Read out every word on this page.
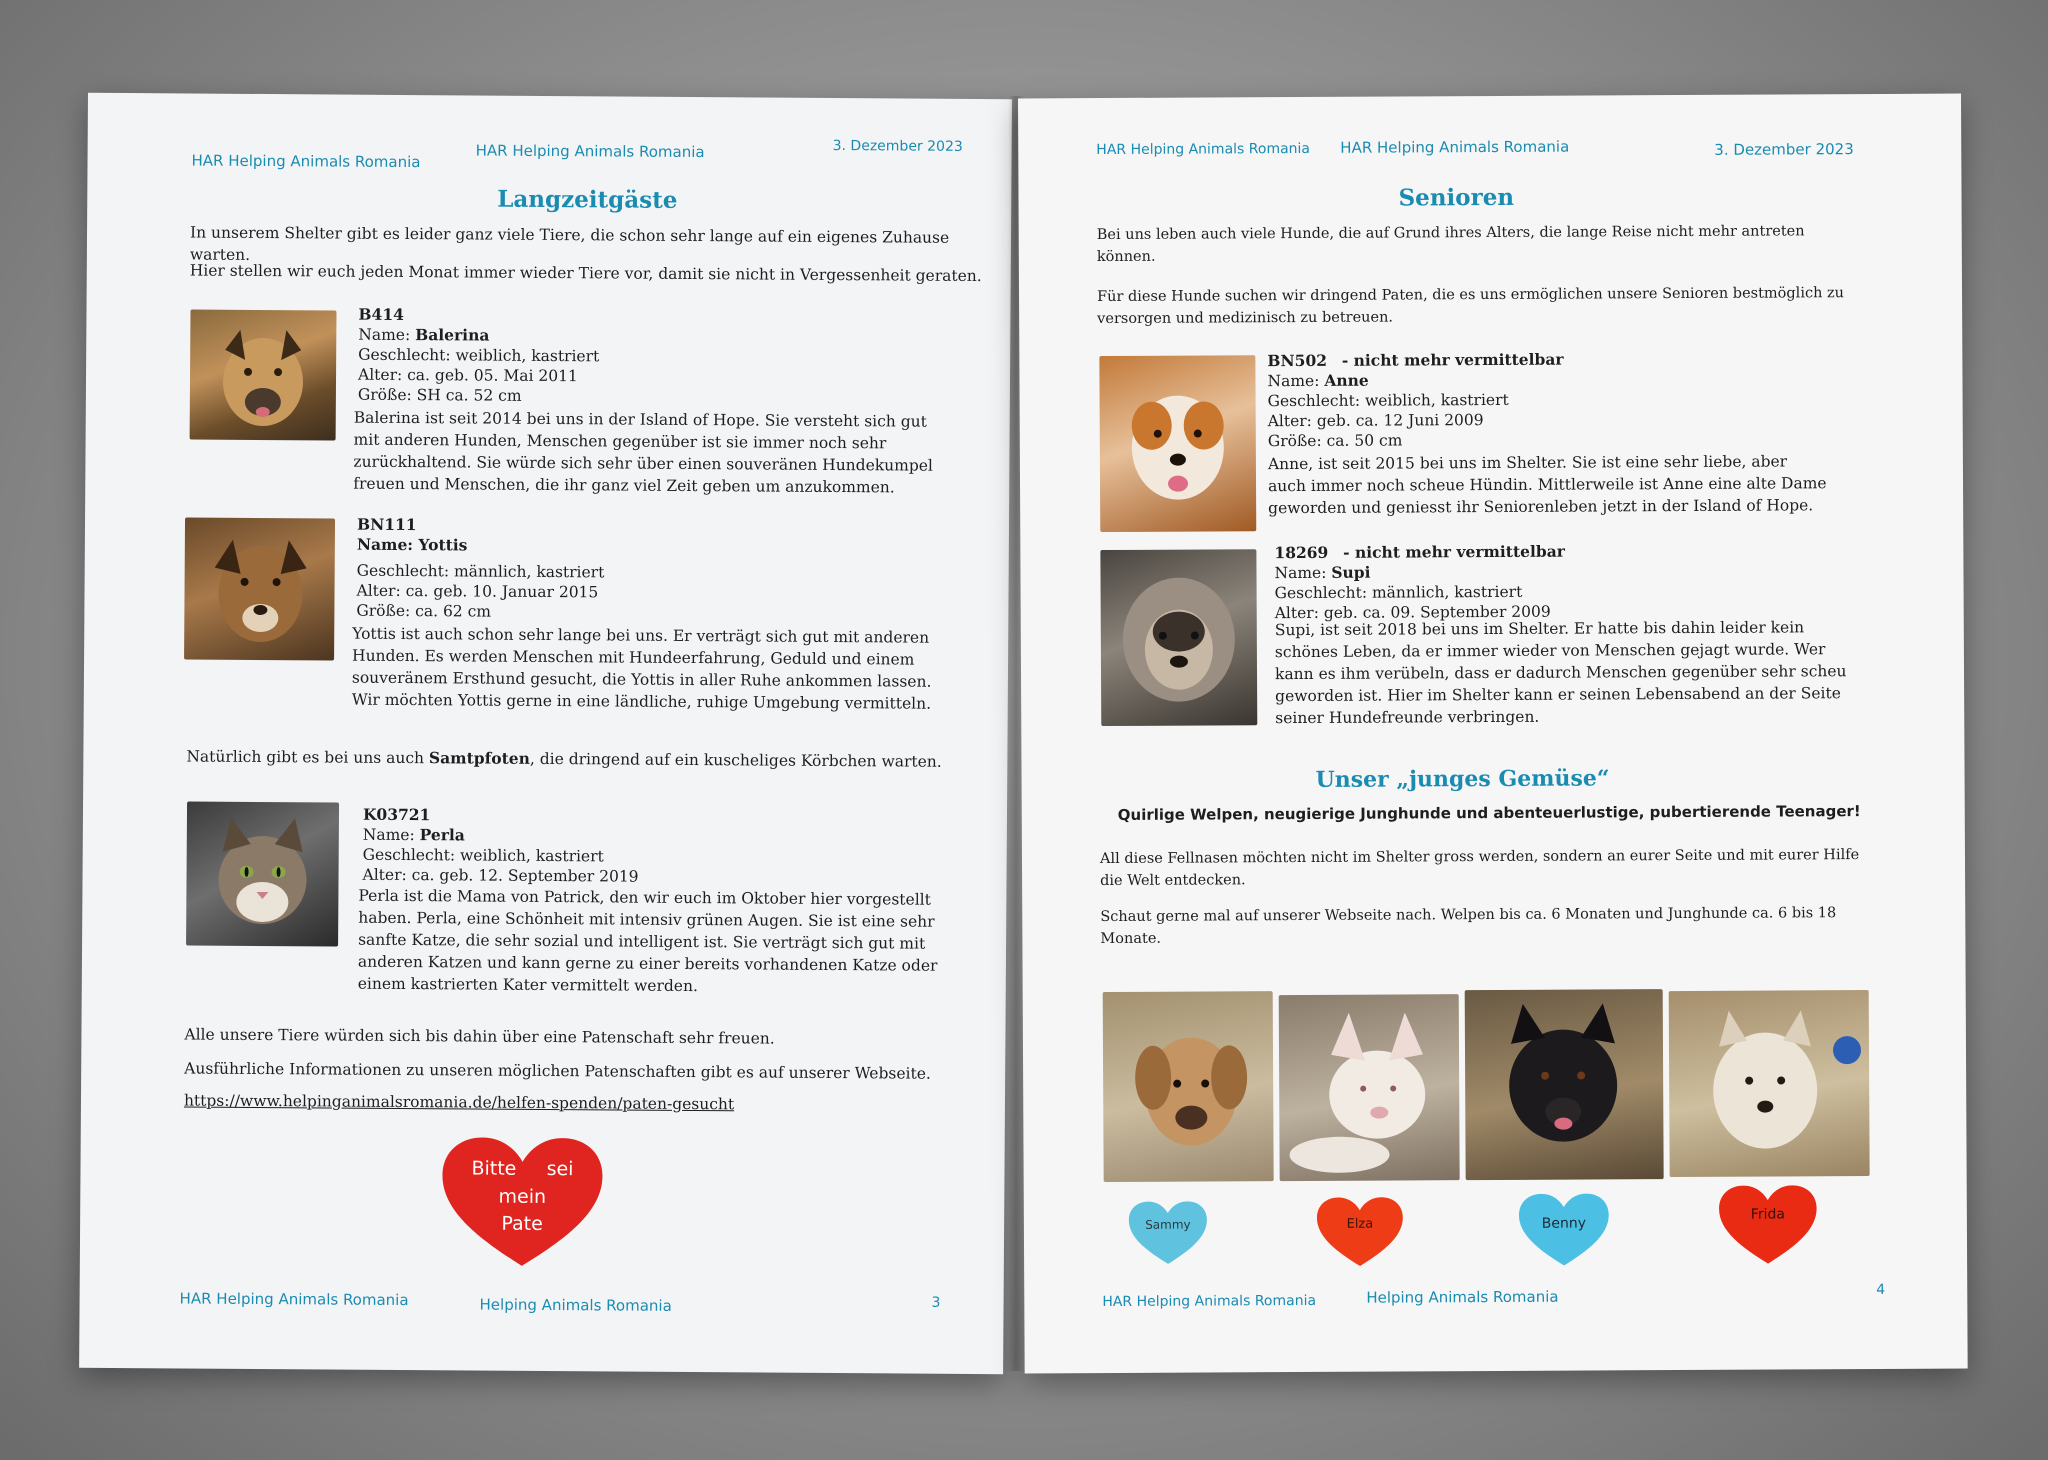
HAR Helping Animals Romania
HAR Helping Animals Romania	3. Dezember 2023
Langzeitgäste
In unserem Shelter gibt es leider ganz viele Tiere, die schon sehr lange auf ein eigenes Zuhause warten.
Hier stellen wir euch jeden Monat immer wieder Tiere vor, damit sie nicht in Vergessenheit geraten.
B414
Name: Balerina
Geschlecht: weiblich, kastriert
Alter: ca. geb. 05. Mai 2011
Größe: SH ca. 52 cm
Balerina ist seit 2014 bei uns in der Island of Hope. Sie versteht sich gut mit anderen Hunden, Menschen gegenüber ist sie immer noch sehr zurückhaltend. Sie würde sich sehr über einen souveränen Hundekumpel freuen und Menschen, die ihr ganz viel Zeit geben um anzukommen.
BN111
Name: Yottis
Geschlecht: männlich, kastriert
Alter: ca. geb. 10. Januar 2015
Größe: ca. 62 cm
Yottis ist auch schon sehr lange bei uns. Er verträgt sich gut mit anderen Hunden. Es werden Menschen mit Hundeerfahrung, Geduld und einem souveränem Ersthund gesucht, die Yottis in aller Ruhe ankommen lassen. Wir möchten Yottis gerne in eine ländliche, ruhige Umgebung vermitteln.
Natürlich gibt es bei uns auch Samtpfoten, die dringend auf ein kuscheliges Körbchen warten.
K03721
Name: Perla
Geschlecht: weiblich, kastriert
Alter: ca. geb. 12. September 2019
Perla ist die Mama von Patrick, den wir euch im Oktober hier vorgestellt haben. Perla, eine Schönheit mit intensiv grünen Augen. Sie ist eine sehr sanfte Katze, die sehr sozial und intelligent ist. Sie verträgt sich gut mit anderen Katzen und kann gerne zu einer bereits vorhandenen Katze oder einem kastrierten Kater vermittelt werden.
Alle unsere Tiere würden sich bis dahin über eine Patenschaft sehr freuen.
Ausführliche Informationen zu unseren möglichen Patenschaften gibt es auf unserer Webseite.
https://www.helpinganimalsromania.de/helfen-spenden/paten-gesucht
Bitte sei
mein
Pate
HAR Helping Animals Romania	Helping Animals Romania	3
HAR Helping Animals Romania HAR Helping Animals Romania	3. Dezember 2023
Senioren
Bei uns leben auch viele Hunde, die auf Grund ihres Alters, die lange Reise nicht mehr antreten können.
Für diese Hunde suchen wir dringend Paten, die es uns ermöglichen unsere Senioren bestmöglich zu versorgen und medizinisch zu betreuen.
BN502 - nicht mehr vermittelbar
Name: Anne
Geschlecht: weiblich, kastriert
Alter: geb. ca. 12 Juni 2009
Größe: ca. 50 cm
Anne, ist seit 2015 bei uns im Shelter. Sie ist eine sehr liebe, aber auch immer noch scheue Hündin. Mittlerweile ist Anne eine alte Dame geworden und geniesst ihr Seniorenleben jetzt in der Island of Hope.
18269 - nicht mehr vermittelbar
Name: Supi
Geschlecht: männlich, kastriert
Alter: geb. ca. 09. September 2009
Supi, ist seit 2018 bei uns im Shelter. Er hatte bis dahin leider kein schönes Leben, da er immer wieder von Menschen gejagt wurde. Wer kann es ihm verübeln, dass er dadurch Menschen gegenüber sehr scheu geworden ist. Hier im Shelter kann er seinen Lebensabend an der Seite seiner Hundefreunde verbringen.
Unser „junges Gemüse“
Quirlige Welpen, neugierige Junghunde und abenteuerlustige, pubertierende Teenager!
All diese Fellnasen möchten nicht im Shelter gross werden, sondern an eurer Seite und mit eurer Hilfe die Welt entdecken.
Schaut gerne mal auf unserer Webseite nach. Welpen bis ca. 6 Monaten und Junghunde ca. 6 bis 18 Monate.
Sammy	Elza	Benny
Frida
HAR Helping Animals Romania	Helping Animals Romania	4
